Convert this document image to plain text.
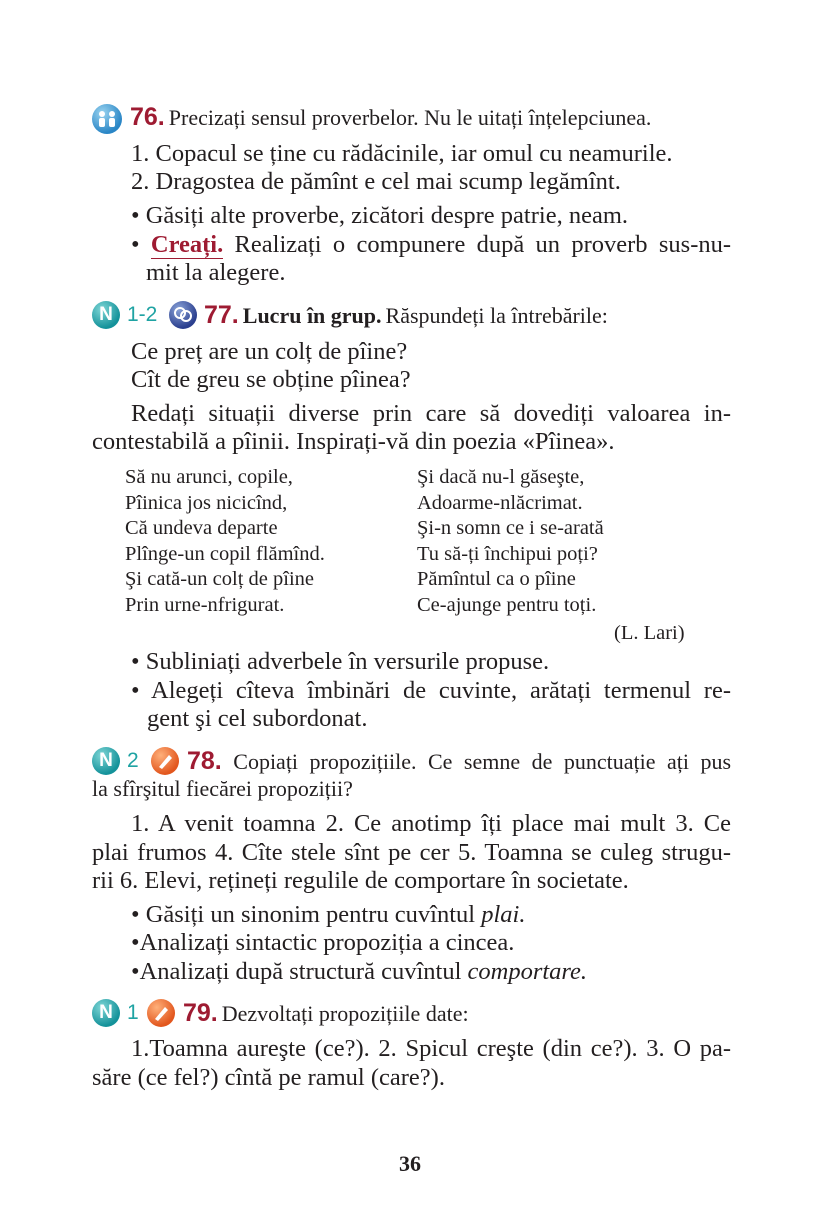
76. Precizați sensul proverbelor. Nu le uitați înțelepciunea.
1. Copacul se ține cu rădăcinile, iar omul cu neamurile.
2. Dragostea de pămînt e cel mai scump legămînt.
• Găsiți alte proverbe, zicători despre patrie, neam.
• Creați. Realizați o compunere după un proverb sus-nu-
mit la alegere.
N 1-2 77. Lucru în grup. Răspundeți la întrebările:
Ce preț are un colț de pîine?
Cît de greu se obține pîinea?
Redați situații diverse prin care să dovediți valoarea in-
contestabilă a pîinii. Inspirați-vă din poezia «Pîinea».
Să nu arunci, copile,
Pîinica jos nicicînd,
Că undeva departe
Plînge-un copil flămînd.
Şi cată-un colț de pîine
Prin urne-nfrigurat.
Şi dacă nu-l găseşte,
Adoarme-nlăcrimat.
Şi-n somn ce i se-arată
Tu să-ți închipui poți?
Pămîntul ca o pîine
Ce-ajunge pentru toți.
(L. Lari)
• Subliniați adverbele în versurile propuse.
• Alegeți cîteva îmbinări de cuvinte, arătați termenul re-
gent şi cel subordonat.
N 2 78. Copiați propozițiile. Ce semne de punctuație ați pus
la sfîrşitul fiecărei propoziții?
1. A venit toamna 2. Ce anotimp îți place mai mult 3. Ce
plai frumos 4. Cîte stele sînt pe cer 5. Toamna se culeg strugu-
rii 6. Elevi, rețineți regulile de comportare în societate.
• Găsiți un sinonim pentru cuvîntul plai.
•Analizați sintactic propoziția a cincea.
•Analizați după structură cuvîntul comportare.
N 1 79. Dezvoltați propozițiile date:
1.Toamna aureşte (ce?). 2. Spicul creşte (din ce?). 3. O pa-
săre (ce fel?) cîntă pe ramul (care?).
36
